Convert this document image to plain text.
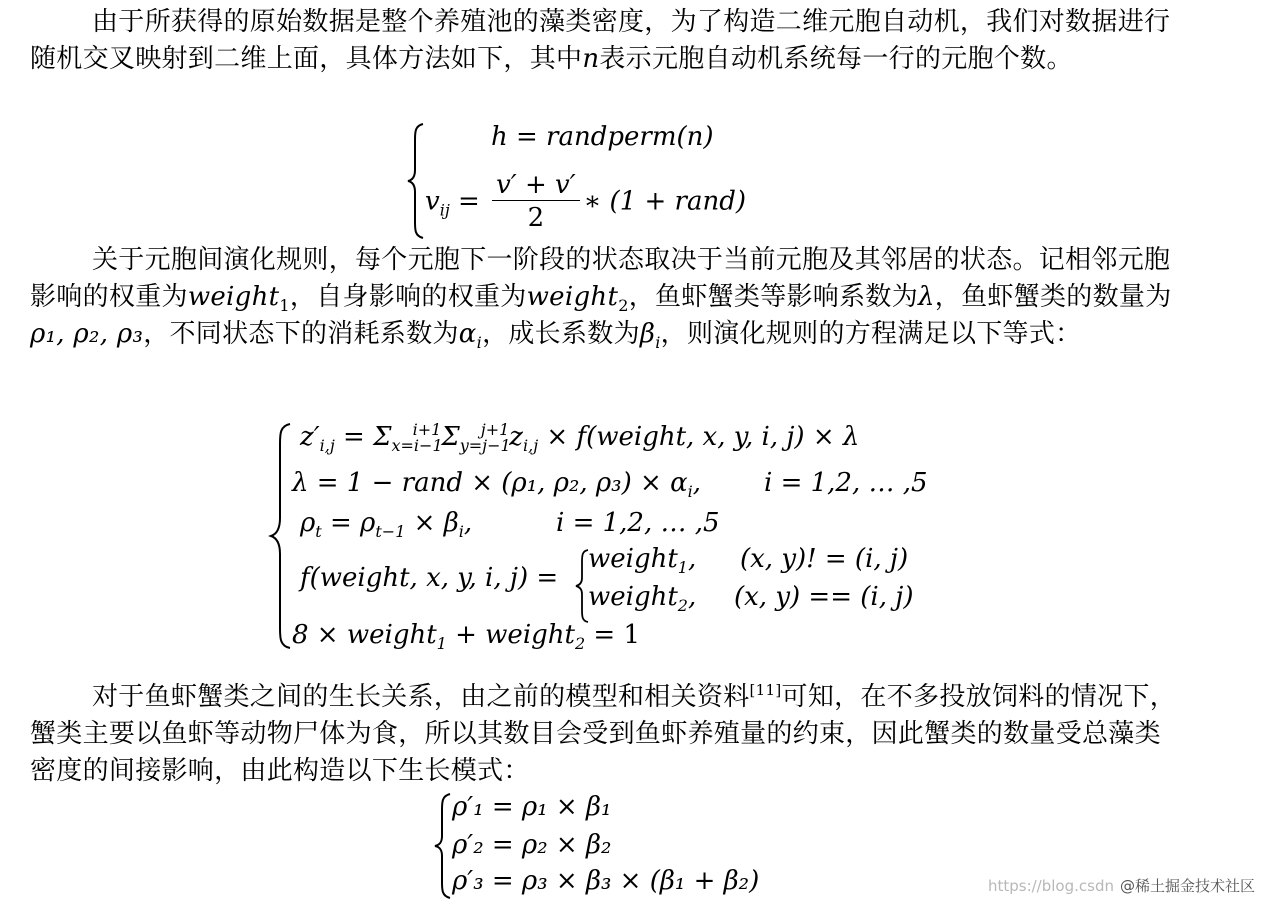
由于所获得的原始数据是整个养殖池的藻类密度，为了构造二维元胞自动机，我们对数据进行随机交叉映射到二维上面，具体方法如下，其中n表示元胞自动机系统每一行的元胞个数。

h = randperm(n)
$v_{ij} = \frac{v' + v'}{2}$ ∗ (1 + rand)

关于元胞间演化规则，每个元胞下一阶段的状态取决于当前元胞及其邻居的状态。记相邻元胞影响的权重为weight$_1$，自身影响的权重为weight$_2$，鱼虾蟹类等影响系数为λ，鱼虾蟹类的数量为ρ₁, ρ₂, ρ₃，不同状态下的消耗系数为$\alpha_i$，成长系数为$\beta_i$，则演化规则的方程满足以下等式：

$z'_{i,j} = \Sigma_{x=i-1}^{i+1}\Sigma_{y=j-1}^{j+1}z_{i,j}$ × f(weight, x, y, i, j) × λ
λ = 1 − rand × (ρ₁, ρ₂, $\rho_3) \times \alpha_i$, i = 1,2, … ,5
$\rho_t = \rho_{t-1} \times \beta_i$,	i = 1,2, … ,5
f(weight, x, y, i, j) =
weight$_1$, (x, y)! = (i, j)
weight$_2$, (x, y) == (i, j)
8 × weight$_1$ + weight$_2$ = 1

对于鱼虾蟹类之间的生长关系，由之前的模型和相关资料[11]可知，在不多投放饲料的情况下，蟹类主要以鱼虾等动物尸体为食，所以其数目会受到鱼虾养殖量的约束，因此蟹类的数量受总藻类密度的间接影响，由此构造以下生长模式：

ρ′₁ = ρ₁ × β₁
ρ′₂ = ρ₂ × β₂
ρ′₃ = ρ₃ × β₃ × (β₁ + β₂)	https://blog.csdn @稀土掘金技术社区
